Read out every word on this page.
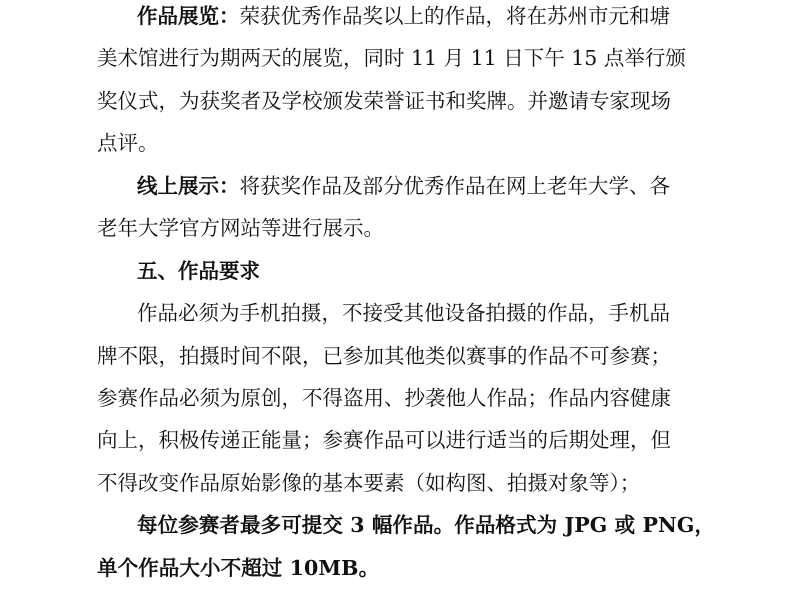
作品展览：荣获优秀作品奖以上的作品，将在苏州市元和塘
美术馆进行为期两天的展览，同时 11 月 11 日下午 15 点举行颁
奖仪式，为获奖者及学校颁发荣誉证书和奖牌。并邀请专家现场
点评。
线上展示：将获奖作品及部分优秀作品在网上老年大学、各
老年大学官方网站等进行展示。
五、作品要求
作品必须为手机拍摄，不接受其他设备拍摄的作品，手机品
牌不限，拍摄时间不限，已参加其他类似赛事的作品不可参赛；
参赛作品必须为原创，不得盗用、抄袭他人作品；作品内容健康
向上，积极传递正能量；参赛作品可以进行适当的后期处理，但
不得改变作品原始影像的基本要素（如构图、拍摄对象等）；
每位参赛者最多可提交 3 幅作品。作品格式为 JPG 或 PNG，
单个作品大小不超过 10MB。
